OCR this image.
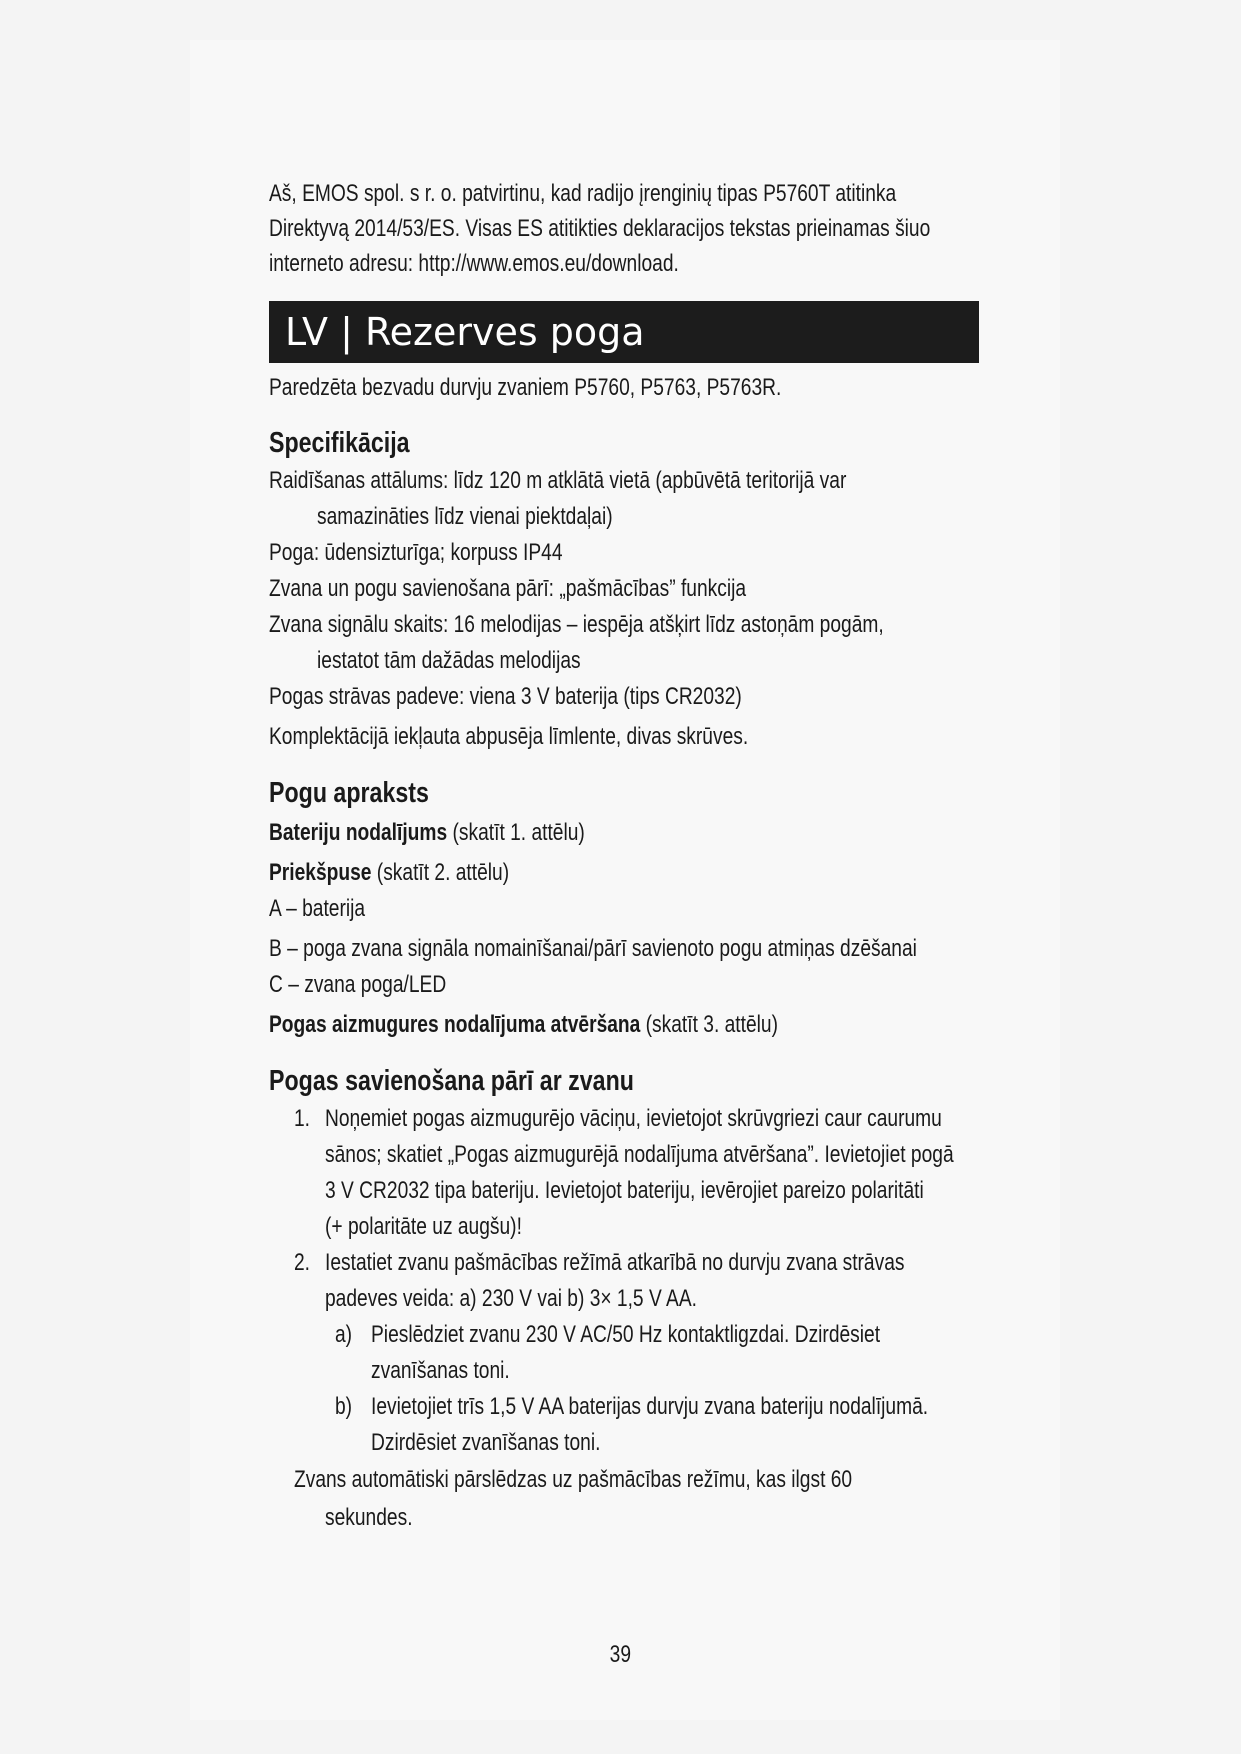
Aš, EMOS spol. s r. o. patvirtinu, kad radijo įrenginių tipas P5760T atitinka

Direktyvą 2014/53/ES. Visas ES atitikties deklaracijos tekstas prieinamas šiuo

interneto adresu: http://www.emos.eu/download.

LV | Rezerves poga

Paredzēta bezvadu durvju zvaniem P5760, P5763, P5763R.

Specifikācija

Raidīšanas attālums: līdz 120 m atklātā vietā (apbūvētā teritorijā var

samazināties līdz vienai piektdaļai)

Poga: ūdensizturīga; korpuss IP44

Zvana un pogu savienošana pārī: „pašmācības” funkcija

Zvana signālu skaits: 16 melodijas – iespēja atšķirt līdz astoņām pogām,

iestatot tām dažādas melodijas

Pogas strāvas padeve: viena 3 V baterija (tips CR2032)

Komplektācijā iekļauta abpusēja līmlente, divas skrūves.

Pogu apraksts

Bateriju nodalījums (skatīt 1. attēlu)

Priekšpuse (skatīt 2. attēlu)

A – baterija

B – poga zvana signāla nomainīšanai/pārī savienoto pogu atmiņas dzēšanai

C – zvana poga/LED

Pogas aizmugures nodalījuma atvēršana (skatīt 3. attēlu)

Pogas savienošana pārī ar zvanu
1. Noņemiet pogas aizmugurējo vāciņu, ievietojot skrūvgriezi caur caurumu

sānos; skatiet „Pogas aizmugurējā nodalījuma atvēršana”. Ievietojiet pogā

3 V CR2032 tipa bateriju. Ievietojot bateriju, ievērojiet pareizo polaritāti

(+ polaritāte uz augšu)!

2. Iestatiet zvanu pašmācības režīmā atkarībā no durvju zvana strāvas

padeves veida: a) 230 V vai b) 3× 1,5 V AA.

a) Pieslēdziet zvanu 230 V AC/50 Hz kontaktligzdai. Dzirdēsiet

zvanīšanas toni.

b) Ievietojiet trīs 1,5 V AA baterijas durvju zvana bateriju nodalījumā.

Dzirdēsiet zvanīšanas toni.

Zvans automātiski pārslēdzas uz pašmācības režīmu, kas ilgst 60

sekundes.

39
